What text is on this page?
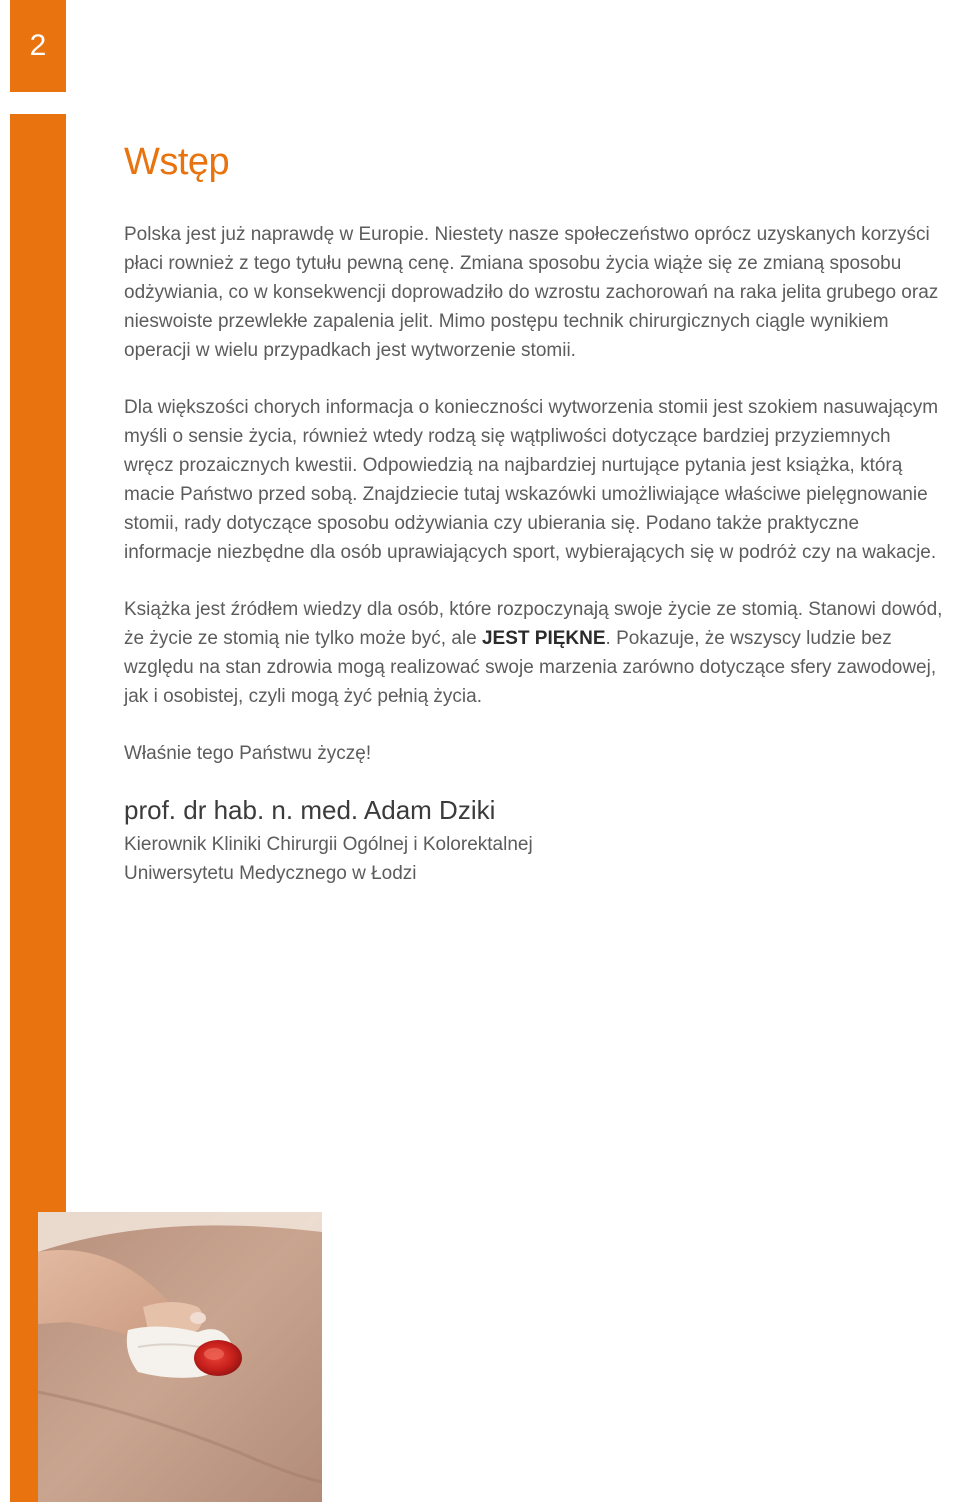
2
Wstęp

Polska jest już naprawdę w Europie. Niestety nasze społeczeństwo oprócz uzyskanych korzyści płaci rownież z tego tytułu pewną cenę. Zmiana sposobu życia wiąże się ze zmianą sposobu odżywiania, co w konsekwencji doprowadziło do wzrostu zachorowań na raka jelita grubego oraz nieswoiste przewlekłe zapalenia jelit. Mimo postępu technik chirurgicznych ciągle wynikiem operacji w wielu przypadkach jest wytworzenie stomii.

Dla większości chorych informacja o konieczności wytworzenia stomii jest szokiem nasuwającym myśli o sensie życia, również wtedy rodzą się wątpliwości dotyczące bardziej przyziemnych wręcz prozaicznych kwestii. Odpowiedzią na najbardziej nurtujące pytania jest książka, którą macie Państwo przed sobą. Znajdziecie tutaj wskazówki umożliwiające właściwe pielęgnowanie stomii, rady dotyczące sposobu odżywiania czy ubierania się. Podano także praktyczne informacje niezbędne dla osób uprawiających sport, wybierających się w podróż czy na wakacje.

Książka jest źródłem wiedzy dla osób, które rozpoczynają swoje życie ze stomią. Stanowi dowód, że życie ze stomią nie tylko może być, ale JEST PIĘKNE. Pokazuje, że wszyscy ludzie bez względu na stan zdrowia mogą realizować swoje marzenia zarówno dotyczące sfery zawodowej, jak i osobistej, czyli mogą żyć pełnią życia.

Właśnie tego Państwu życzę!

prof. dr hab. n. med. Adam Dziki

Kierownik Kliniki Chirurgii Ogólnej i Kolorektalnej

Uniwersytetu Medycznego w Łodzi
